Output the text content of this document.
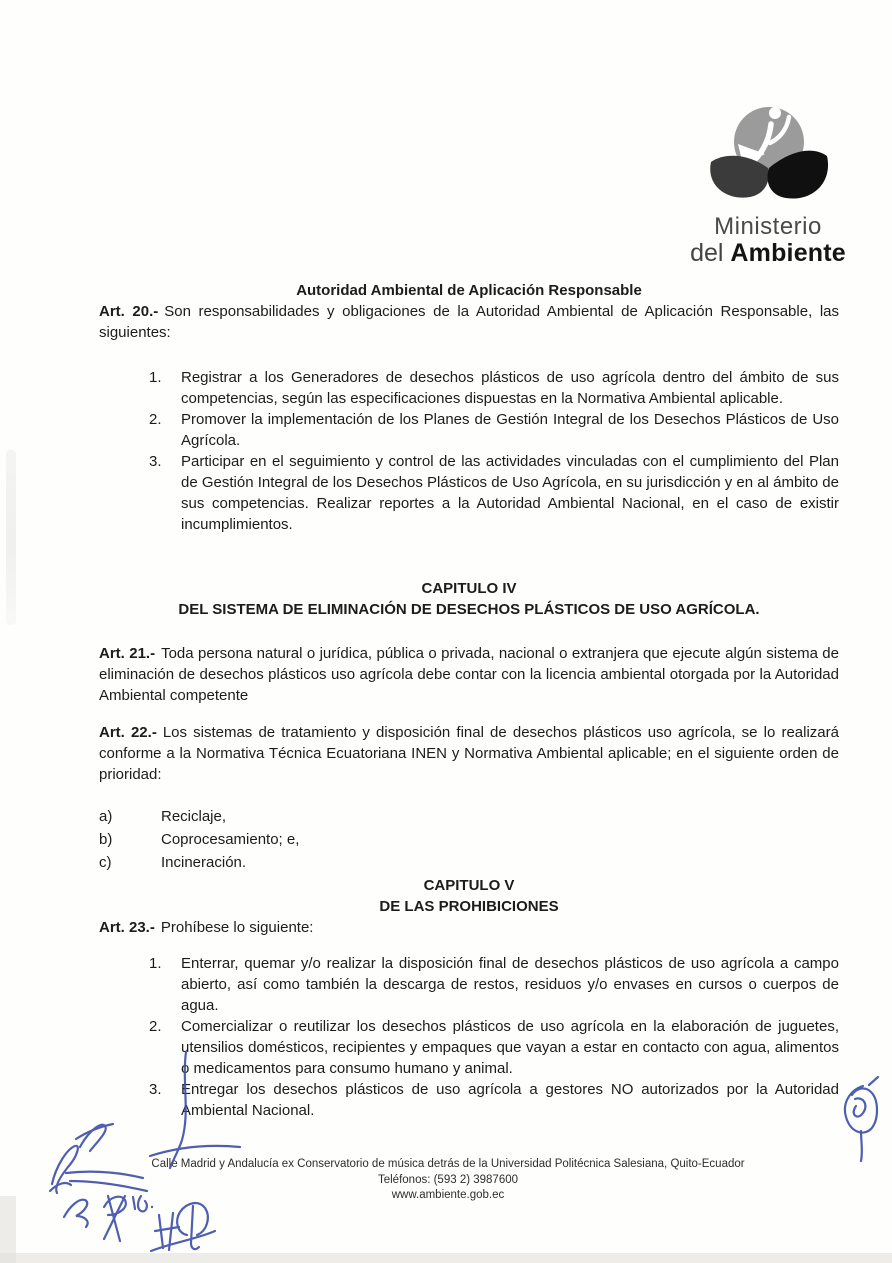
Ministerio
del Ambiente
Autoridad Ambiental de Aplicación Responsable

Art. 20.- Son responsabilidades y obligaciones de la Autoridad Ambiental de Aplicación Responsable, las siguientes:

1.	Registrar a los Generadores de desechos plásticos de uso agrícola dentro del ámbito de sus competencias, según las especificaciones dispuestas en la Normativa Ambiental aplicable.
2.	Promover la implementación de los Planes de Gestión Integral de los Desechos Plásticos de Uso Agrícola.
3.	Participar en el seguimiento y control de las actividades vinculadas con el cumplimiento del Plan de Gestión Integral de los Desechos Plásticos de Uso Agrícola, en su jurisdicción y en al ámbito de sus competencias. Realizar reportes a la Autoridad Ambiental Nacional, en el caso de existir incumplimientos.
CAPITULO IV
DEL SISTEMA DE ELIMINACIÓN DE DESECHOS PLÁSTICOS DE USO AGRÍCOLA.

Art. 21.- Toda persona natural o jurídica, pública o privada, nacional o extranjera que ejecute algún sistema de eliminación de desechos plásticos uso agrícola debe contar con la licencia ambiental otorgada por la Autoridad Ambiental competente

Art. 22.- Los sistemas de tratamiento y disposición final de desechos plásticos uso agrícola, se lo realizará conforme a la Normativa Técnica Ecuatoriana INEN y Normativa Ambiental aplicable; en el siguiente orden de prioridad:

a)	Reciclaje,
b)	Coprocesamiento; e,
c)	Incineración.
CAPITULO V
DE LAS PROHIBICIONES

Art. 23.- Prohíbese lo siguiente:

1.	Enterrar, quemar y/o realizar la disposición final de desechos plásticos de uso agrícola a campo abierto, así como también la descarga de restos, residuos y/o envases en cursos o cuerpos de agua.
2.	Comercializar o reutilizar los desechos plásticos de uso agrícola en la elaboración de juguetes, utensilios domésticos, recipientes y empaques que vayan a estar en contacto con agua, alimentos o medicamentos para consumo humano y animal.
3.	Entregar los desechos plásticos de uso agrícola a gestores NO autorizados por la Autoridad Ambiental Nacional.
Calle Madrid y Andalucía ex Conservatorio de música detrás de la Universidad Politécnica Salesiana, Quito-Ecuador
Teléfonos: (593 2) 3987600
www.ambiente.gob.ec
